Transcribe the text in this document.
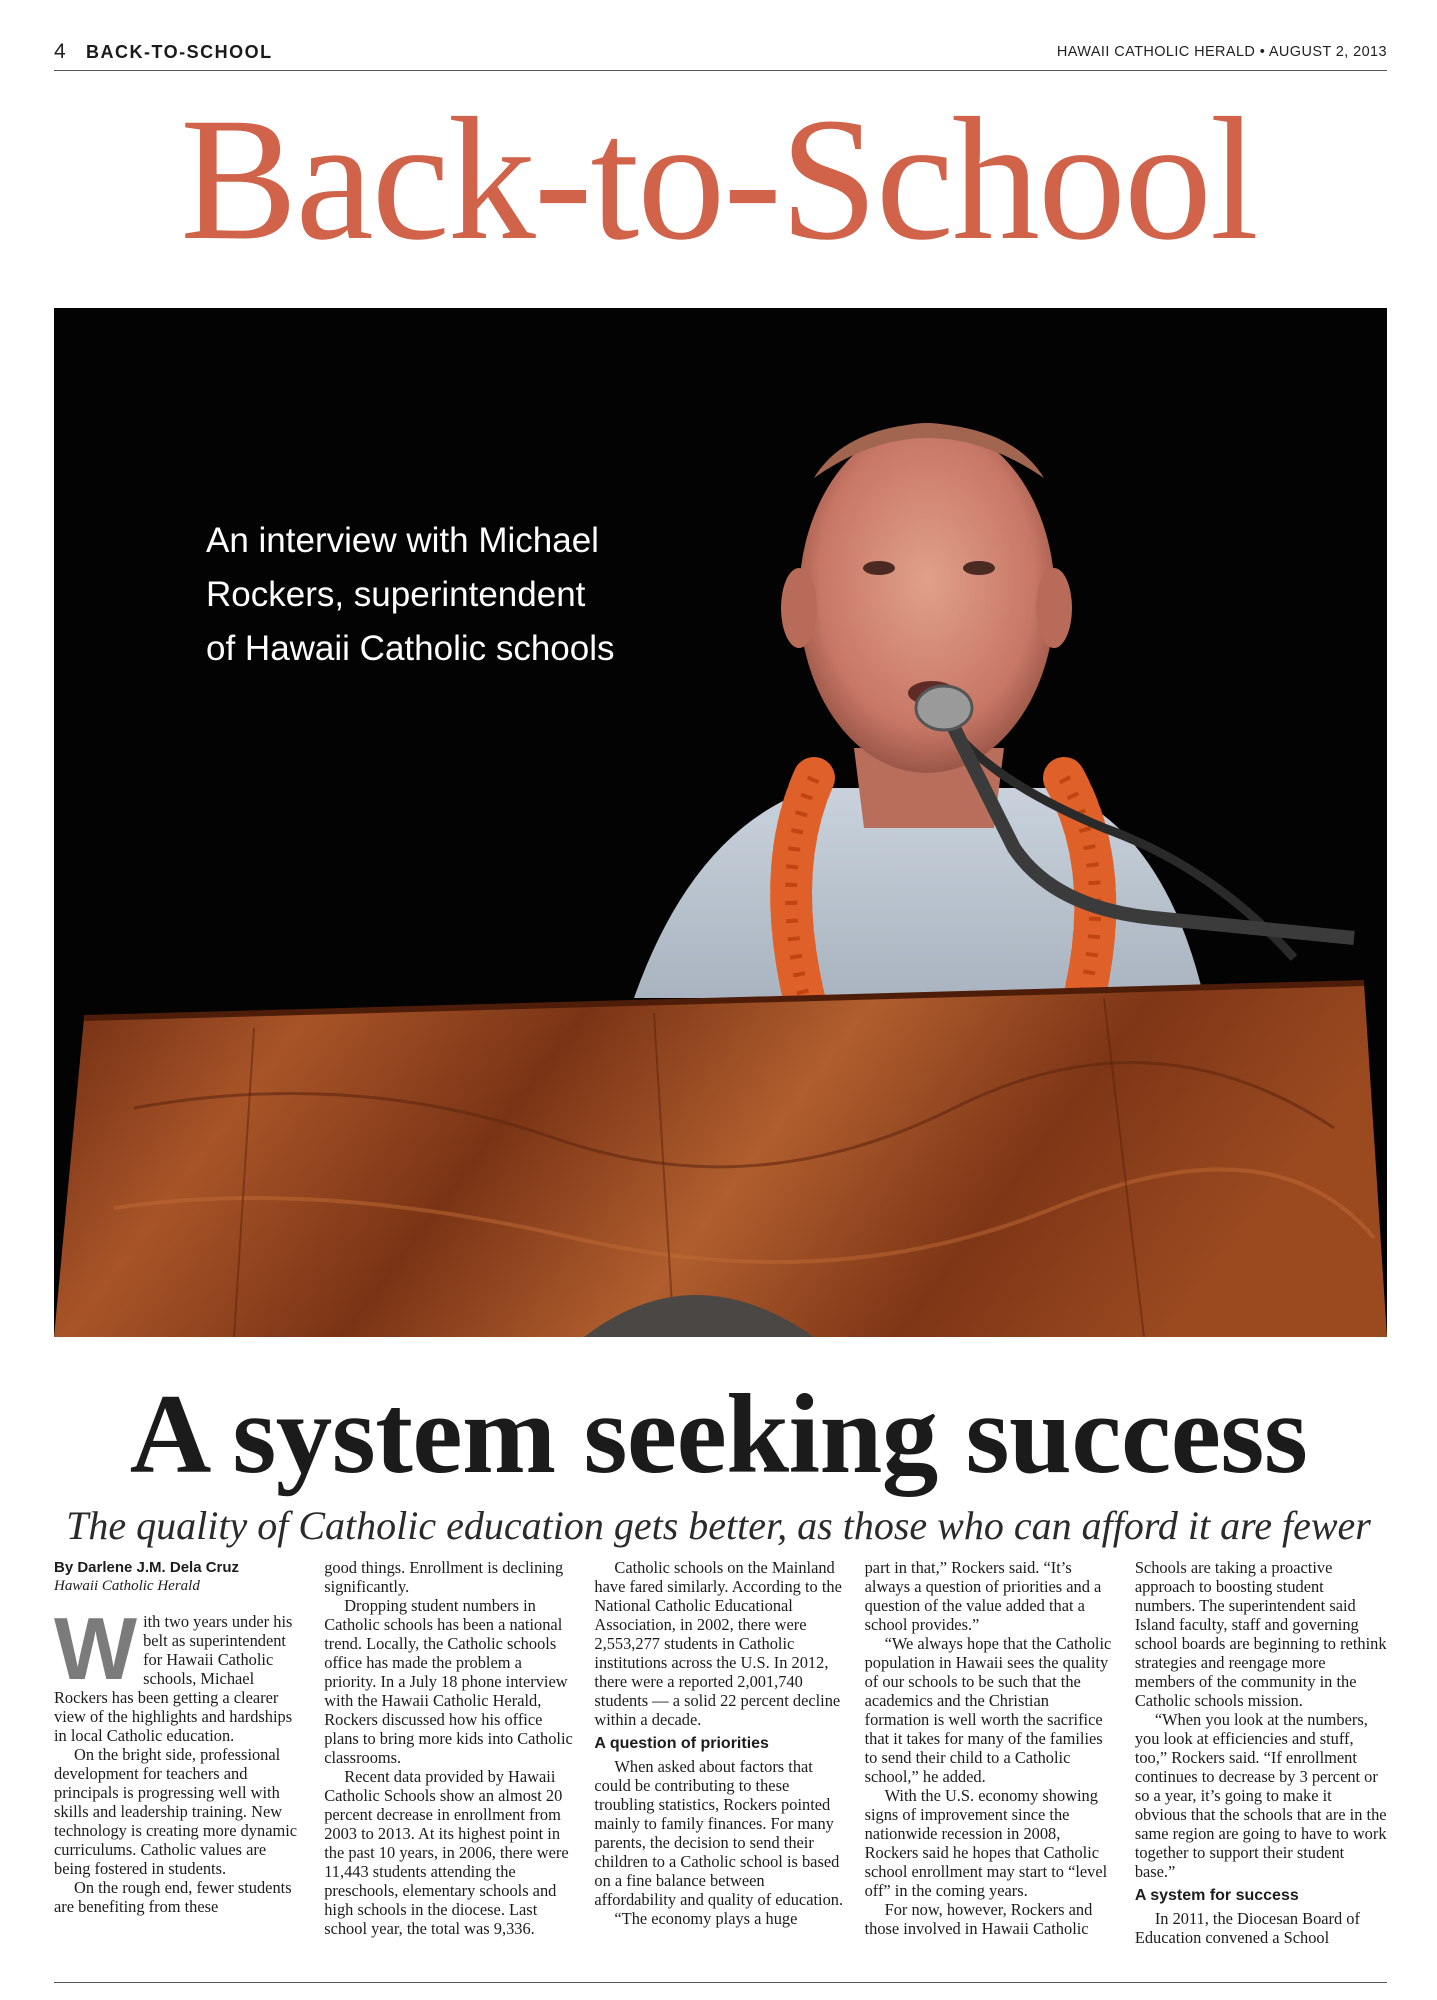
4 BACK-TO-SCHOOL	HAWAII CATHOLIC HERALD • AUGUST 2, 2013
Back-to-School
An interview with Michael
Rockers, superintendent
of Hawaii Catholic schools
A system seeking success
The quality of Catholic education gets better, as those who can afford it are fewer
By Darlene J.M. Dela Cruz
Hawaii Catholic Herald

With two years under his belt as superintendent for Hawaii Catholic schools, Michael Rockers has been getting a clearer view of the highlights and hardships in local Catholic education.

On the bright side, professional development for teachers and principals is progressing well with skills and leadership training. New technology is creating more dynamic curriculums. Catholic values are being fostered in students.

On the rough end, fewer students are benefiting from these

good things. Enrollment is declining significantly.

Dropping student numbers in Catholic schools has been a national trend. Locally, the Catholic schools office has made the problem a priority. In a July 18 phone interview with the Hawaii Catholic Herald, Rockers discussed how his office plans to bring more kids into Catholic classrooms.

Recent data provided by Hawaii Catholic Schools show an almost 20 percent decrease in enrollment from 2003 to 2013. At its highest point in the past 10 years, in 2006, there were 11,443 students attending the preschools, elementary schools and high schools in the diocese. Last school year, the total was 9,336.

Catholic schools on the Mainland have fared similarly. According to the National Catholic Educational Association, in 2002, there were 2,553,277 students in Catholic institutions across the U.S. In 2012, there were a reported 2,001,740 students — a solid 22 percent decline within a decade.

A question of priorities

When asked about factors that could be contributing to these troubling statistics, Rockers pointed mainly to family finances. For many parents, the decision to send their children to a Catholic school is based on a fine balance between affordability and quality of education.

“The economy plays a huge

part in that,” Rockers said. “It’s always a question of priorities and a question of the value added that a school provides.”

“We always hope that the Catholic population in Hawaii sees the quality of our schools to be such that the academics and the Christian formation is well worth the sacrifice that it takes for many of the families to send their child to a Catholic school,” he added.

With the U.S. economy showing signs of improvement since the nationwide recession in 2008, Rockers said he hopes that Catholic school enrollment may start to “level off” in the coming years.

For now, however, Rockers and those involved in Hawaii Catholic

Schools are taking a proactive approach to boosting student numbers. The superintendent said Island faculty, staff and governing school boards are beginning to rethink strategies and reengage more members of the community in the Catholic schools mission.

“When you look at the numbers, you look at efficiencies and stuff, too,” Rockers said. “If enrollment continues to decrease by 3 percent or so a year, it’s going to make it obvious that the schools that are in the same region are going to have to work together to support their student base.”

A system for success

In 2011, the Diocesan Board of Education convened a School
